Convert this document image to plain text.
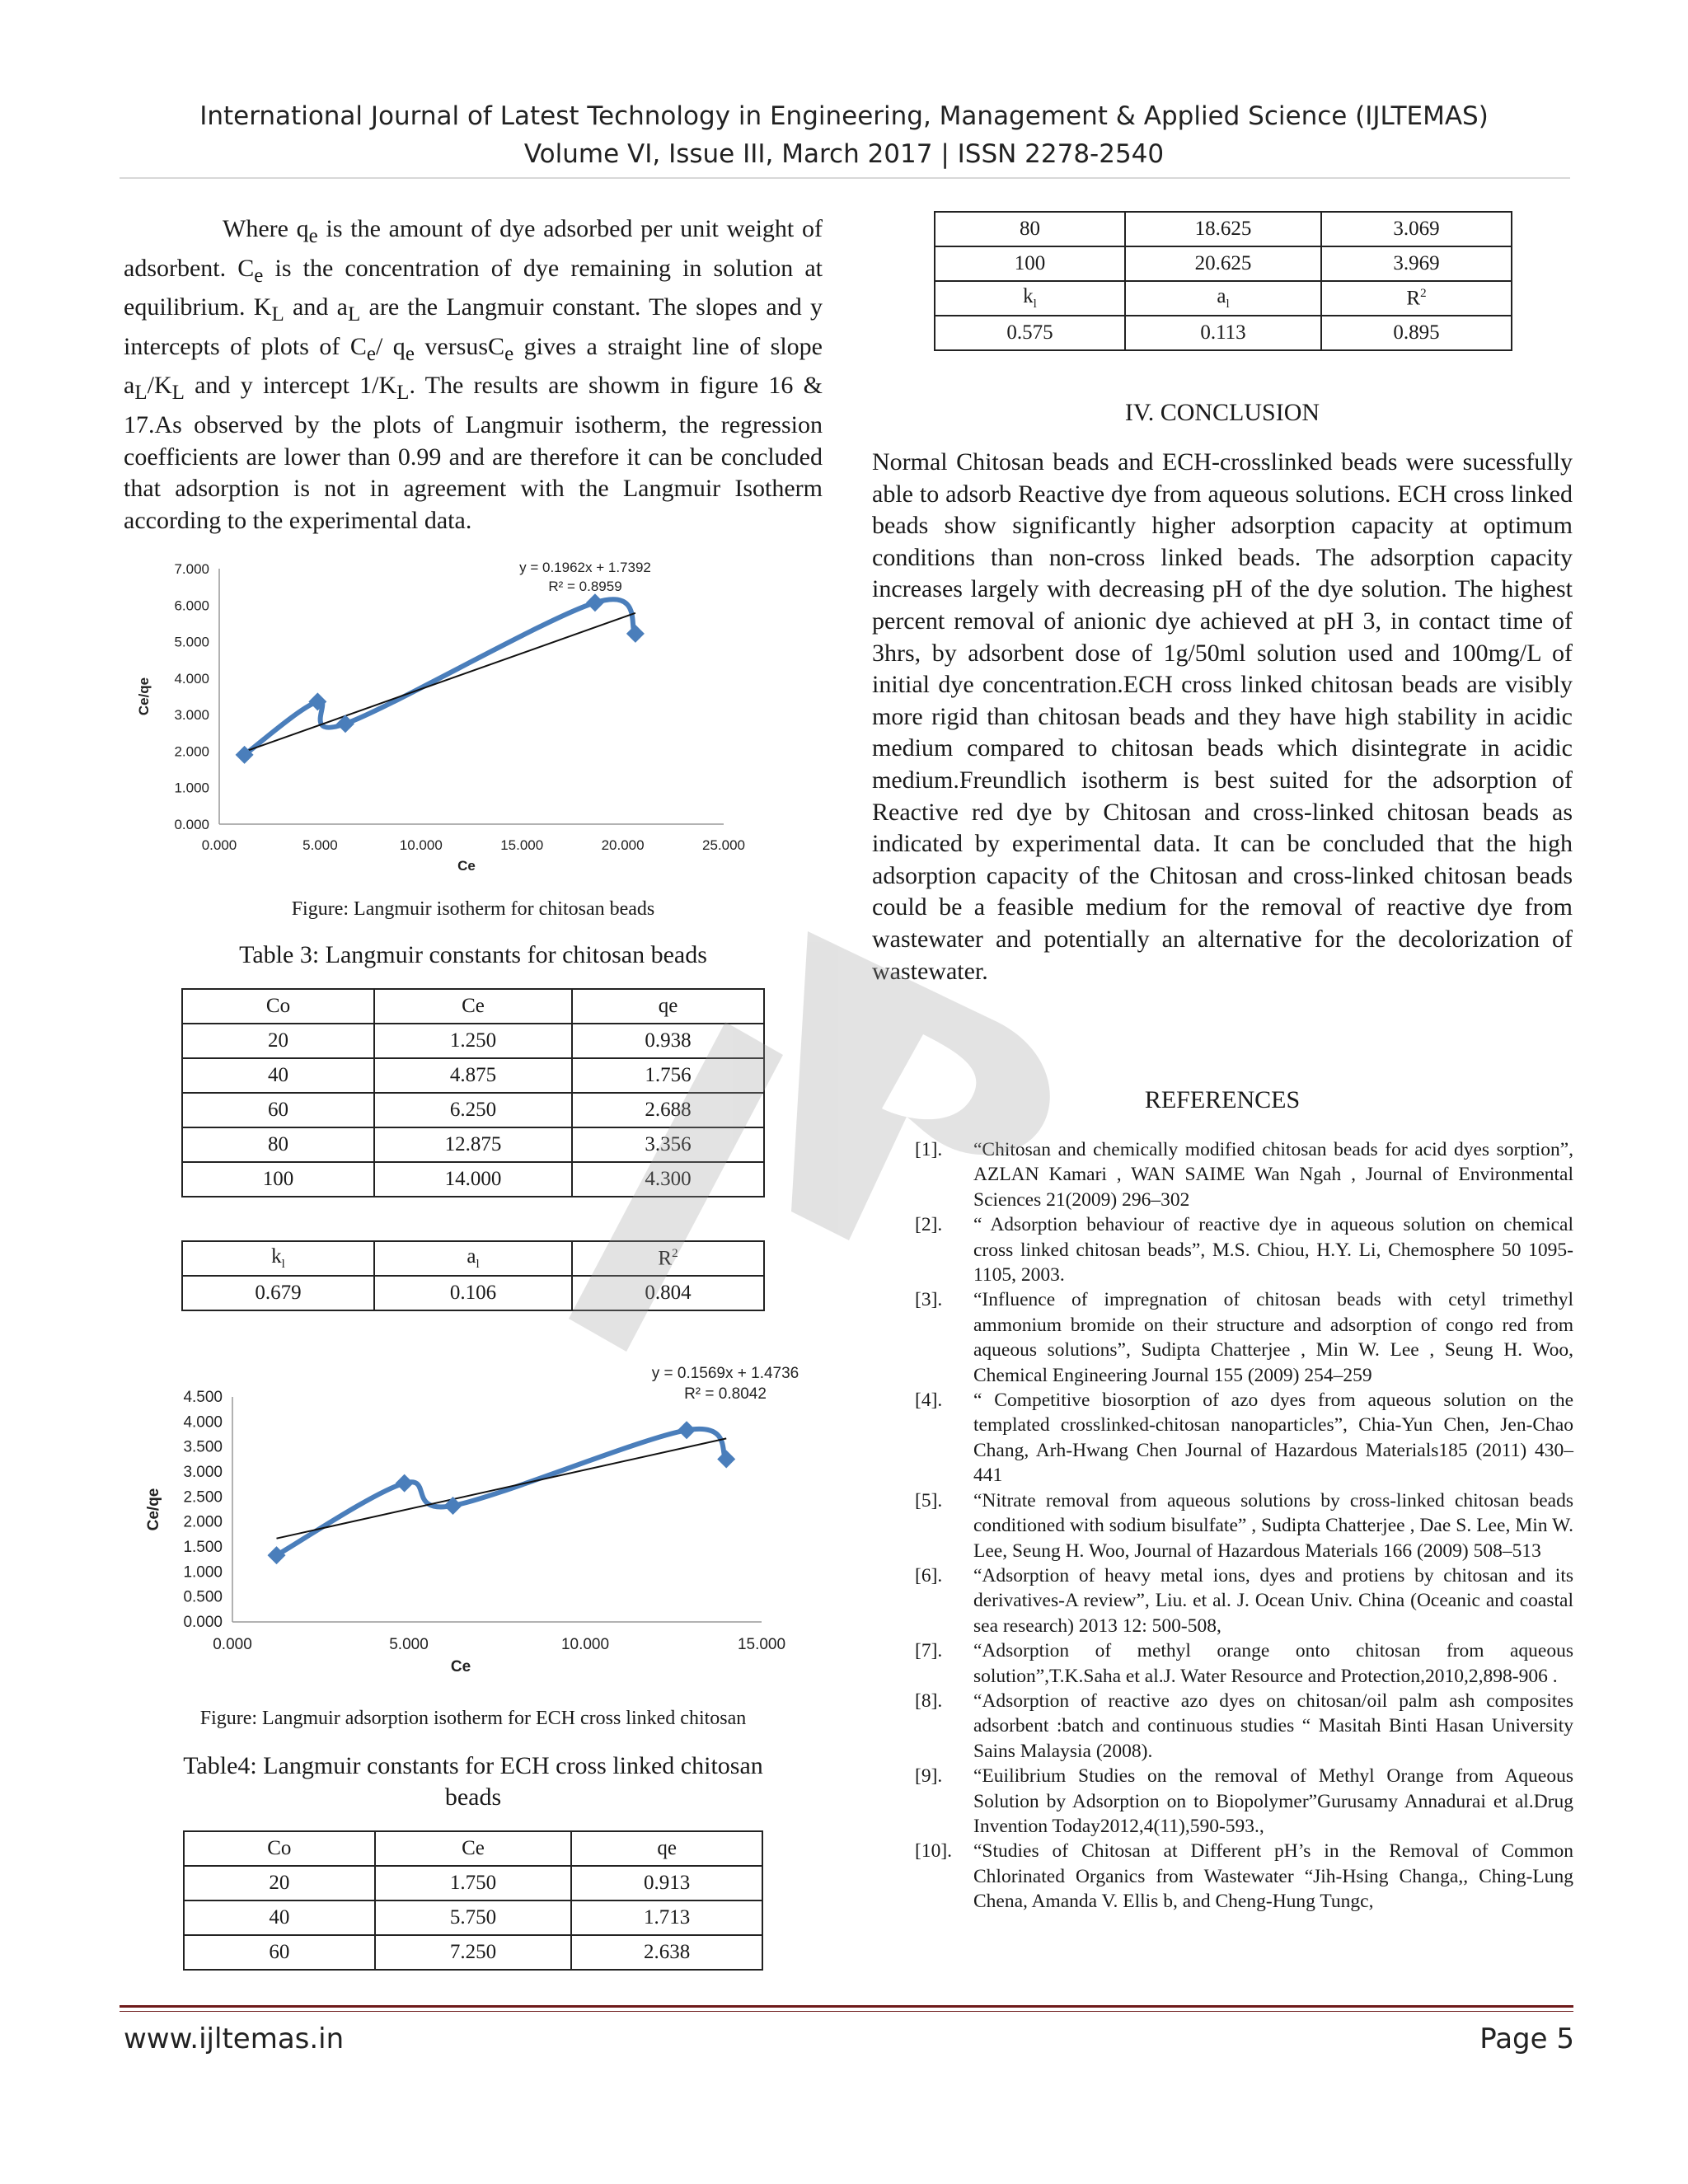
International Journal of Latest Technology in Engineering, Management & Applied Science (IJLTEMAS)
Volume VI, Issue III, March 2017 | ISSN 2278-2540
Where $q_e$ is the amount of dye adsorbed per unit weight of adsorbent. $C_e$ is the concentration of dye remaining in solution at equilibrium. $K_L$ and $a_L$ are the Langmuir constant. The slopes and y intercepts of plots of $C_e/$ $q_e$ versusC$_e$ gives a straight line of slope $a_L/K_L$ and y intercept $1/K_L$. The results are showm in figure 16 & 17.As observed by the plots of Langmuir isotherm, the regression coefficients are lower than 0.99 and are therefore it can be concluded that adsorption is not in agreement with the Langmuir Isotherm according to the experimental data.
0.000
1.000
2.000
3.000
4.000
5.000
6.000
7.000
0.000	5.000	10.000	15.000	20.000	25.000
Ce
Ce/qe
y = 0.1962x + 1.7392
R² = 0.8959
Figure: Langmuir isotherm for chitosan beads
Table 3: Langmuir constants for chitosan beads
Co	Ce	qe
20	1.250	0.938
40	4.875	1.756
60	6.250	2.688
80	12.875	3.356
100	14.000	4.300
$k_l$	$a_l$	$R^2$
0.679	0.106	0.804
0.000
0.500
1.000
1.500
2.000
2.500
3.000
3.500
4.000
4.500
0.000	5.000	10.000	15.000
Ce
Ce/qe
y = 0.1569x + 1.4736
R² = 0.8042
Figure: Langmuir adsorption isotherm for ECH cross linked chitosan
Table4: Langmuir constants for ECH cross linked chitosan
beads
Co	Ce	qe
20	1.750	0.913
40	5.750	1.713
60	7.250	2.638
80	18.625	3.069
100	20.625	3.969
$k_l$	$a_l$	$R^2$
0.575	0.113	0.895
IV. CONCLUSION
Normal Chitosan beads and ECH-crosslinked beads were sucessfully able to adsorb Reactive dye from aqueous solutions. ECH cross linked beads show significantly higher adsorption capacity at optimum conditions than non-cross linked beads. The adsorption capacity increases largely with decreasing pH of the dye solution. The highest percent removal of anionic dye achieved at pH 3, in contact time of 3hrs, by adsorbent dose of 1g/50ml solution used and 100mg/L of initial dye concentration.ECH cross linked chitosan beads are visibly more rigid than chitosan beads and they have high stability in acidic medium compared to chitosan beads which disintegrate in acidic medium.Freundlich isotherm is best suited for the adsorption of Reactive red dye by Chitosan and cross-linked chitosan beads as indicated by experimental data. It can be concluded that the high adsorption capacity of the Chitosan and cross-linked chitosan beads could be a feasible medium for the removal of reactive dye from wastewater and potentially an alternative for the decolorization of wastewater.
REFERENCES

[1].	“Chitosan and chemically modified chitosan beads for acid dyes sorption”, AZLAN Kamari , WAN SAIME Wan Ngah , Journal of Environmental Sciences 21(2009) 296–302

[2].	“ Adsorption behaviour of reactive dye in aqueous solution on chemical cross linked chitosan beads”, M.S. Chiou, H.Y. Li, Chemosphere 50 1095-1105, 2003.

[3].	“Influence of impregnation of chitosan beads with cetyl trimethyl ammonium bromide on their structure and adsorption of congo red from aqueous solutions”, Sudipta Chatterjee , Min W. Lee , Seung H. Woo, Chemical Engineering Journal 155 (2009) 254–259

[4].	“ Competitive biosorption of azo dyes from aqueous solution on the templated crosslinked-chitosan nanoparticles”, Chia-Yun Chen, Jen-Chao Chang, Arh-Hwang Chen Journal of Hazardous Materials185 (2011) 430–441

[5].	“Nitrate removal from aqueous solutions by cross-linked chitosan beads conditioned with sodium bisulfate” , Sudipta Chatterjee , Dae S. Lee, Min W. Lee, Seung H. Woo, Journal of Hazardous Materials 166 (2009) 508–513

[6].	“Adsorption of heavy metal ions, dyes and protiens by chitosan and its derivatives-A review”, Liu. et al. J. Ocean Univ. China (Oceanic and coastal sea research) 2013 12: 500-508,

[7].	“Adsorption of methyl orange onto chitosan from aqueous solution”,T.K.Saha et al.J. Water Resource and Protection,2010,2,898-906 .

[8].	“Adsorption of reactive azo dyes on chitosan/oil palm ash composites adsorbent :batch and continuous studies “ Masitah Binti Hasan University Sains Malaysia (2008).

[9].	“Euilibrium Studies on the removal of Methyl Orange from Aqueous Solution by Adsorption on to Biopolymer”Gurusamy Annadurai et al.Drug Invention Today2012,4(11),590-593.,

[10].	“Studies of Chitosan at Different pH’s in the Removal of Common Chlorinated Organics from Wastewater “Jih-Hsing Changa,, Ching-Lung Chena, Amanda V. Ellis b, and Cheng-Hung Tungc,

www.ijltemas.in	Page 5
